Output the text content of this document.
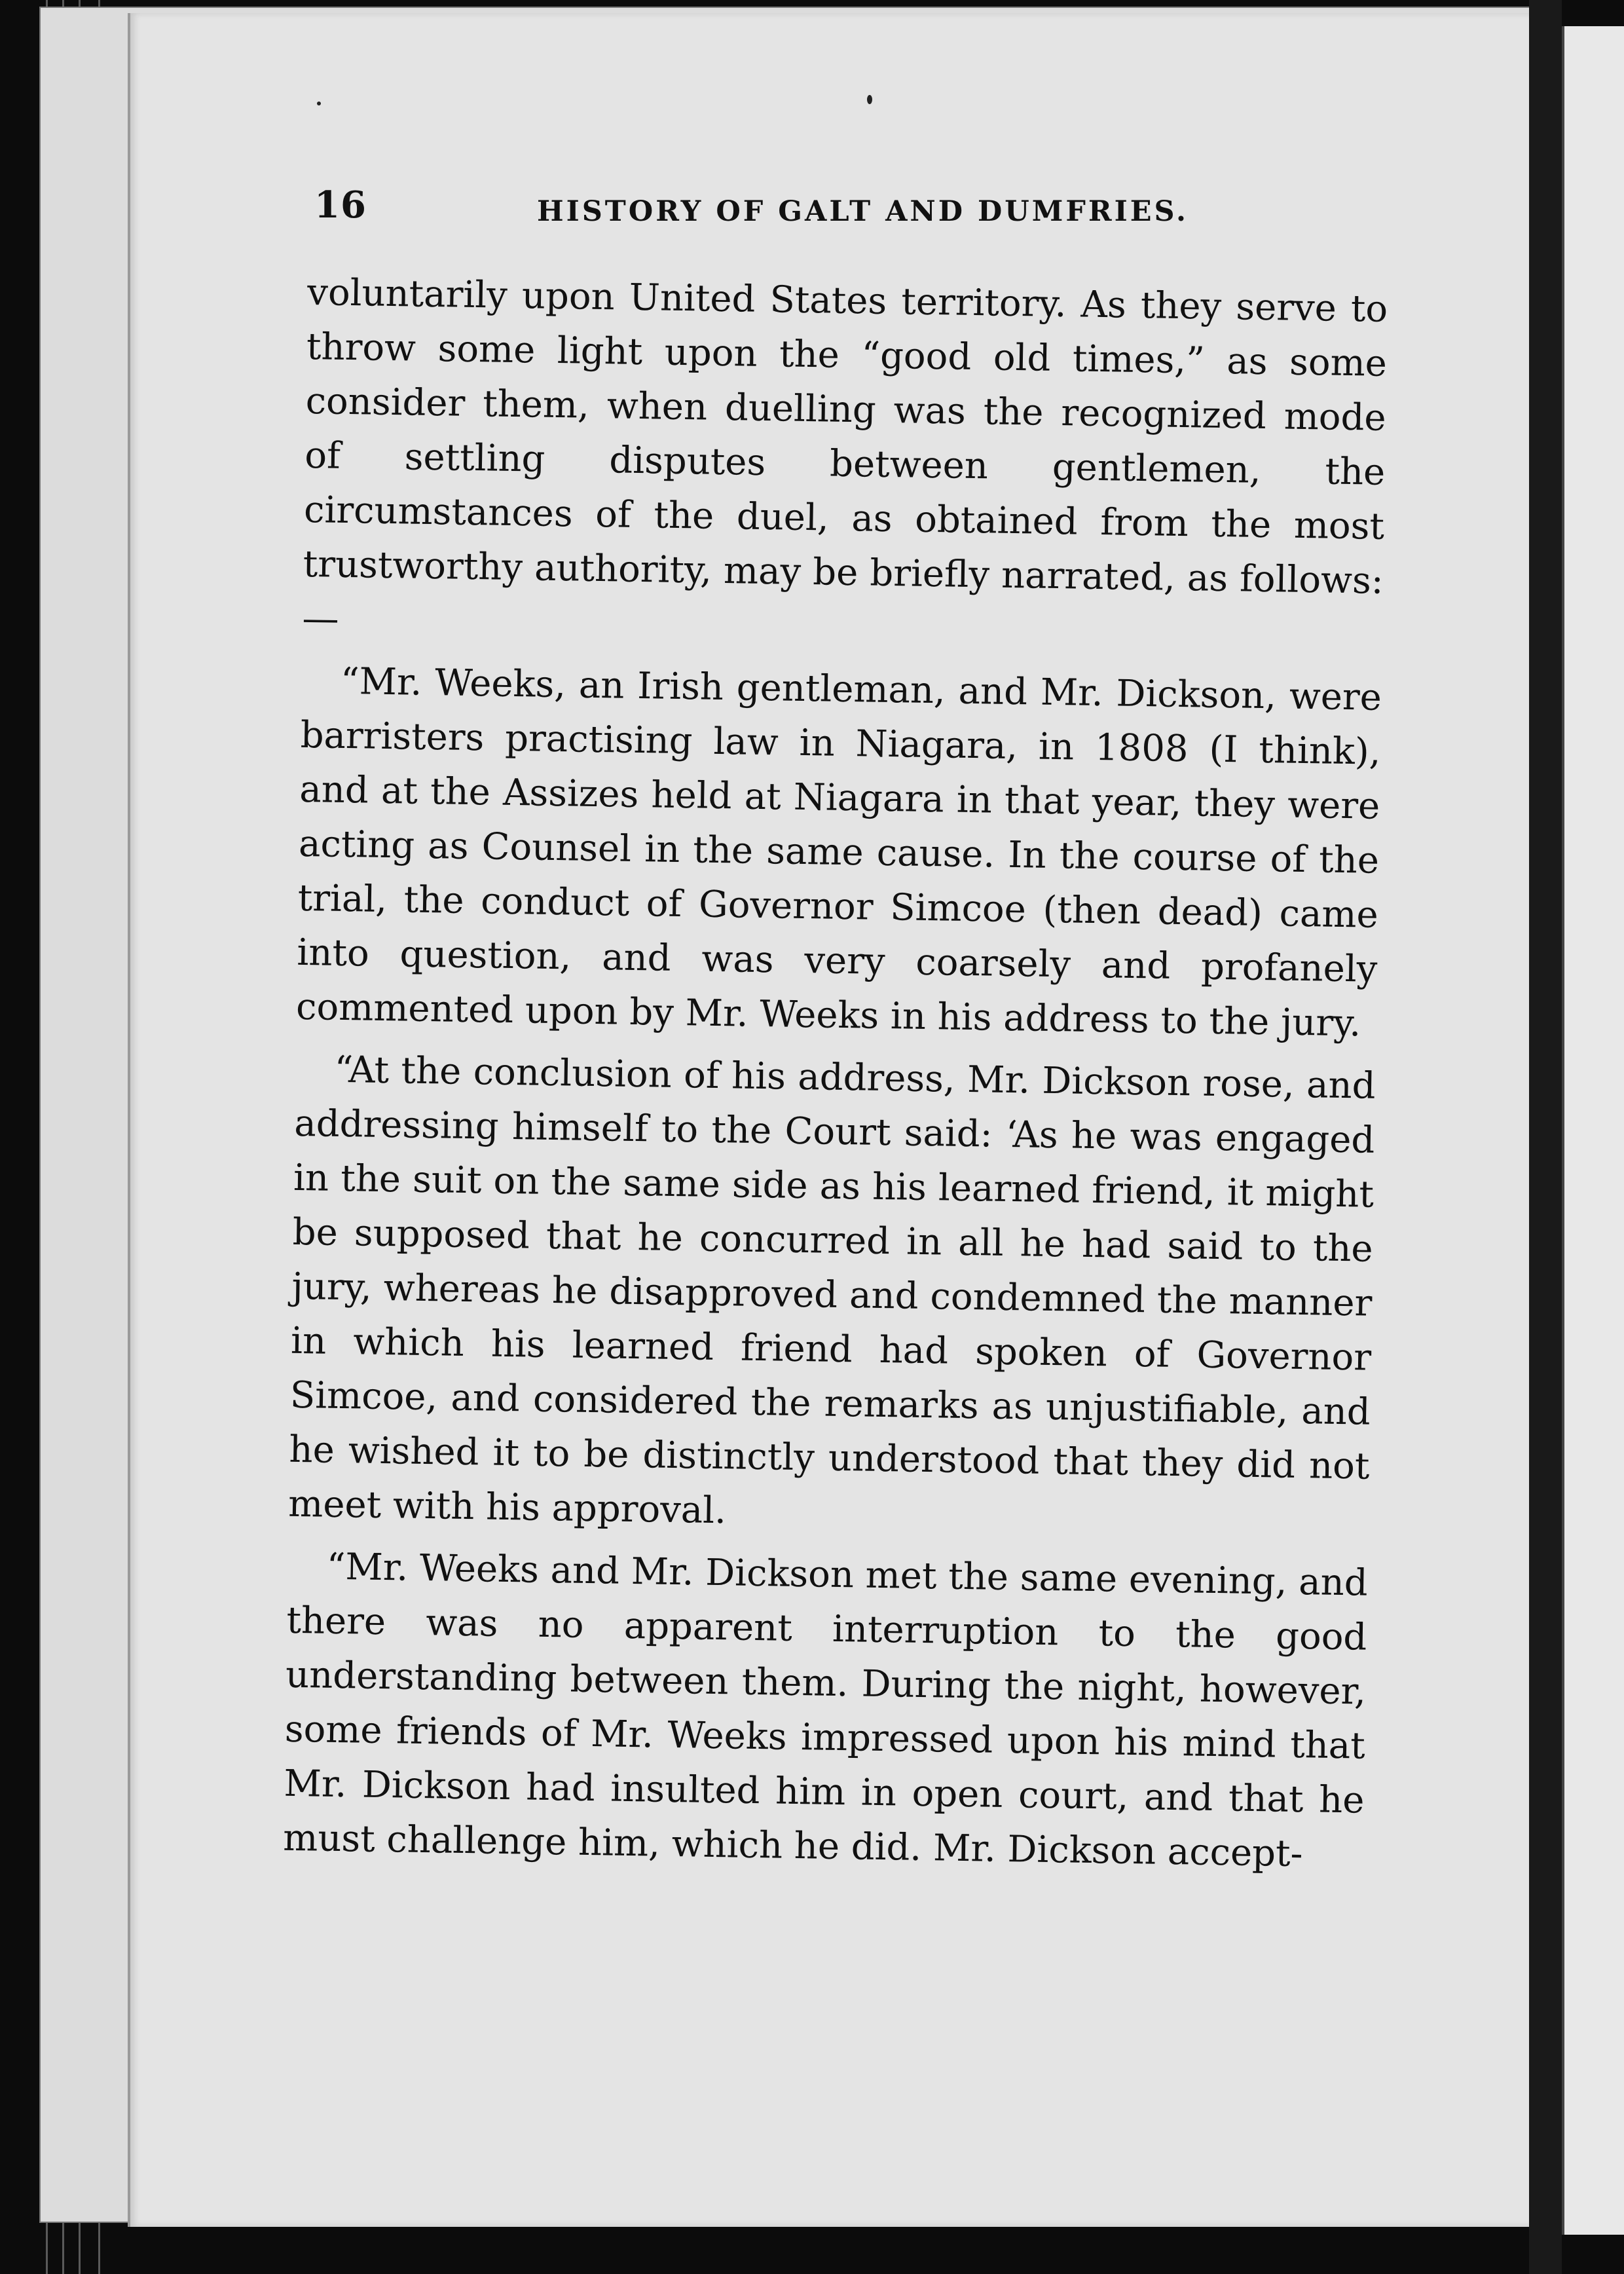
16	HISTORY OF GALT AND DUMFRIES.

voluntarily upon United States territory. As they serve to throw some light upon the “good old times,” as some consider them, when duelling was the recognized mode of settling disputes between gentlemen, the circumstances of the duel, as obtained from the most trustworthy authority, may be briefly narrated, as follows:—

“Mr. Weeks, an Irish gentleman, and Mr. Dickson, were barristers practising law in Niagara, in 1808 (I think), and at the Assizes held at Niagara in that year, they were acting as Counsel in the same cause. In the course of the trial, the conduct of Governor Simcoe (then dead) came into question, and was very coarsely and profanely commented upon by Mr. Weeks in his address to the jury.

“At the conclusion of his address, Mr. Dickson rose, and addressing himself to the Court said: ‘As he was engaged in the suit on the same side as his learned friend, it might be supposed that he concurred in all he had said to the jury, whereas he disapproved and condemned the manner in which his learned friend had spoken of Governor Simcoe, and considered the remarks as unjustifiable, and he wished it to be distinctly understood that they did not meet with his approval.

“Mr. Weeks and Mr. Dickson met the same evening, and there was no apparent interruption to the good understanding between them. During the night, however, some friends of Mr. Weeks impressed upon his mind that Mr. Dickson had insulted him in open court, and that he must challenge him, which he did. Mr. Dickson accept-
